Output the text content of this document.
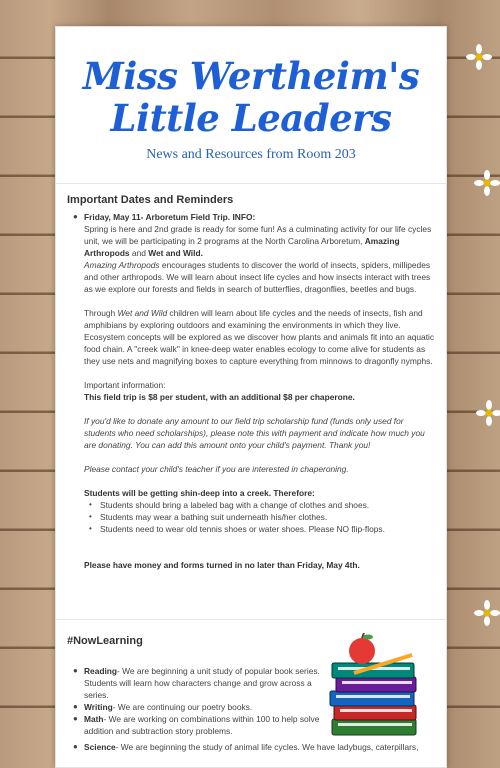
Miss Wertheim's
Little Leaders
News and Resources from Room 203
Important Dates and Reminders
● Friday, May 11- Arboretum Field Trip. INFO:

Spring is here and 2nd grade is ready for some fun! As a culminating activity for our life cycles unit, we will be participating in 2 programs at the North Carolina Arboretum, Amazing Arthropods and Wet and Wild.

Amazing Arthropods encourages students to discover the world of insects, spiders, millipedes and other arthropods. We will learn about insect life cycles and how insects interact with trees as we explore our forests and fields in search of butterflies, dragonflies, beetles and bugs.

Through Wet and Wild children will learn about life cycles and the needs of insects, fish and amphibians by exploring outdoors and examining the environments in which they live. Ecosystem concepts will be explored as we discover how plants and animals fit into an aquatic food chain. A "creek walk" in knee-deep water enables ecology to come alive for students as they use nets and magnifying boxes to capture everything from minnows to dragonfly nymphs.

Important information:

This field trip is $8 per student, with an additional $8 per chaperone.

If you'd like to donate any amount to our field trip scholarship fund (funds only used for students who need scholarships), please note this with payment and indicate how much you are donating. You can add this amount onto your child's payment. Thank you!

Please contact your child's teacher if you are interested in chaperoning.

Students will be getting shin-deep into a creek. Therefore:

• Students should bring a labeled bag with a change of clothes and shoes.
• Students may wear a bathing suit underneath his/her clothes.
• Students need to wear old tennis shoes or water shoes. Please NO flip-flops.

Please have money and forms turned in no later than Friday, May 4th.

#NowLearning
● Reading- We are beginning a unit study of popular book series. Students will learn how characters change and grow across a series.
● Writing- We are continuing our poetry books.
● Math- We are working on combinations within 100 to help solve addition and subtraction story problems.
● Science- We are beginning the study of animal life cycles. We have ladybugs, caterpillars,
